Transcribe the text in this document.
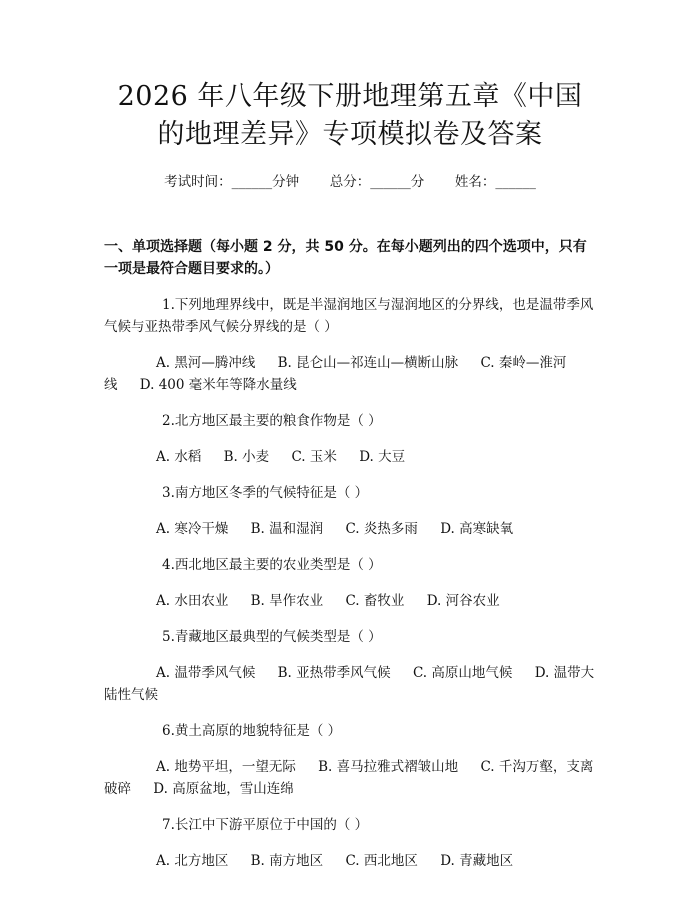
2026 年八年级下册地理第五章《中国的地理差异》专项模拟卷及答案
考试时间：______分钟 总分：______分 姓名：______
一、单项选择题（每小题 2 分，共 50 分。在每小题列出的四个选项中，只有一项是最符合题目要求的。）
1.下列地理界线中，既是半湿润地区与湿润地区的分界线，也是温带季风气候与亚热带季风气候分界线的是（ ）
A. 黑河—腾冲线 B. 昆仑山—祁连山—横断山脉 C. 秦岭—淮河线 D. 400 毫米年等降水量线
2.北方地区最主要的粮食作物是（ ）
A. 水稻 B. 小麦 C. 玉米 D. 大豆
3.南方地区冬季的气候特征是（ ）
A. 寒冷干燥 B. 温和湿润 C. 炎热多雨 D. 高寒缺氧
4.西北地区最主要的农业类型是（ ）
A. 水田农业 B. 旱作农业 C. 畜牧业 D. 河谷农业
5.青藏地区最典型的气候类型是（ ）
A. 温带季风气候 B. 亚热带季风气候 C. 高原山地气候 D. 温带大陆性气候
6.黄土高原的地貌特征是（ ）
A. 地势平坦，一望无际 B. 喜马拉雅式褶皱山地 C. 千沟万壑，支离破碎 D. 高原盆地，雪山连绵
7.长江中下游平原位于中国的（ ）
A. 北方地区 B. 南方地区 C. 西北地区 D. 青藏地区
